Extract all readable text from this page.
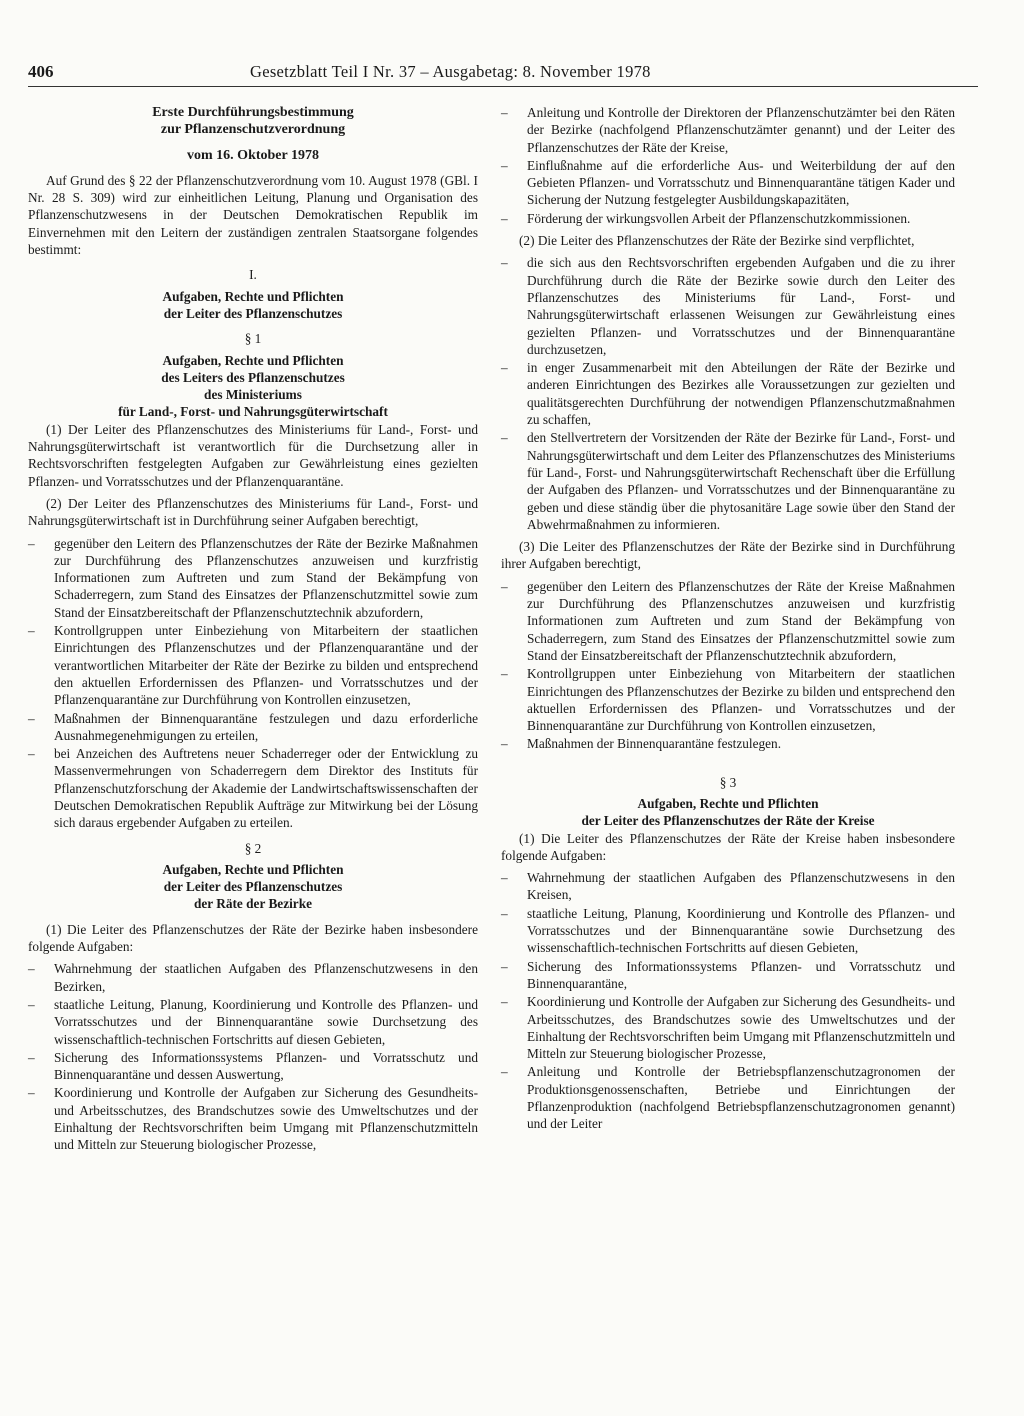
406	Gesetzblatt Teil I Nr. 37 – Ausgabetag: 8. November 1978
Erste Durchführungsbestimmung
zur Pflanzenschutzverordnung
vom 16. Oktober 1978

Auf Grund des § 22 der Pflanzenschutzverordnung vom 10. August 1978 (GBl. I Nr. 28 S. 309) wird zur einheitlichen Leitung, Planung und Organisation des Pflanzenschutzwesens in der Deutschen Demokratischen Republik im Einvernehmen mit den Leitern der zuständigen zentralen Staatsorgane folgendes bestimmt:

I.
Aufgaben, Rechte und Pflichten
der Leiter des Pflanzenschutzes
§ 1
Aufgaben, Rechte und Pflichten
des Leiters des Pflanzenschutzes
des Ministeriums
für Land-, Forst- und Nahrungsgüterwirtschaft

(1) Der Leiter des Pflanzenschutzes des Ministeriums für Land-, Forst- und Nahrungsgüterwirtschaft ist verantwortlich für die Durchsetzung aller in Rechtsvorschriften festgelegten Aufgaben zur Gewährleistung eines gezielten Pflanzen- und Vorratsschutzes und der Pflanzenquarantäne.

(2) Der Leiter des Pflanzenschutzes des Ministeriums für Land-, Forst- und Nahrungsgüterwirtschaft ist in Durchführung seiner Aufgaben berechtigt,

– gegenüber den Leitern des Pflanzenschutzes der Räte der Bezirke Maßnahmen zur Durchführung des Pflanzenschutzes anzuweisen und kurzfristig Informationen zum Auftreten und zum Stand der Bekämpfung von Schaderregern, zum Stand des Einsatzes der Pflanzenschutzmittel sowie zum Stand der Einsatzbereitschaft der Pflanzenschutztechnik abzufordern,
– Kontrollgruppen unter Einbeziehung von Mitarbeitern der staatlichen Einrichtungen des Pflanzenschutzes und der Pflanzenquarantäne und der verantwortlichen Mitarbeiter der Räte der Bezirke zu bilden und entsprechend den aktuellen Erfordernissen des Pflanzen- und Vorratsschutzes und der Pflanzenquarantäne zur Durchführung von Kontrollen einzusetzen,
– Maßnahmen der Binnenquarantäne festzulegen und dazu erforderliche Ausnahmegenehmigungen zu erteilen,
– bei Anzeichen des Auftretens neuer Schaderreger oder der Entwicklung zu Massenvermehrungen von Schaderregern dem Direktor des Instituts für Pflanzenschutzforschung der Akademie der Landwirtschaftswissenschaften der Deutschen Demokratischen Republik Aufträge zur Mitwirkung bei der Lösung sich daraus ergebender Aufgaben zu erteilen.
§ 2
Aufgaben, Rechte und Pflichten
der Leiter des Pflanzenschutzes
der Räte der Bezirke

(1) Die Leiter des Pflanzenschutzes der Räte der Bezirke haben insbesondere folgende Aufgaben:

– Wahrnehmung der staatlichen Aufgaben des Pflanzenschutzwesens in den Bezirken,
– staatliche Leitung, Planung, Koordinierung und Kontrolle des Pflanzen- und Vorratsschutzes und der Binnenquarantäne sowie Durchsetzung des wissenschaftlich-technischen Fortschritts auf diesen Gebieten,
– Sicherung des Informationssystems Pflanzen- und Vorratsschutz und Binnenquarantäne und dessen Auswertung,
– Koordinierung und Kontrolle der Aufgaben zur Sicherung des Gesundheits- und Arbeitsschutzes, des Brandschutzes sowie des Umweltschutzes und der Einhaltung der Rechtsvorschriften beim Umgang mit Pflanzenschutzmitteln und Mitteln zur Steuerung biologischer Prozesse,
– Anleitung und Kontrolle der Direktoren der Pflanzenschutzämter bei den Räten der Bezirke (nachfolgend Pflanzenschutzämter genannt) und der Leiter des Pflanzenschutzes der Räte der Kreise,
– Einflußnahme auf die erforderliche Aus- und Weiterbildung der auf den Gebieten Pflanzen- und Vorratsschutz und Binnenquarantäne tätigen Kader und Sicherung der Nutzung festgelegter Ausbildungskapazitäten,
– Förderung der wirkungsvollen Arbeit der Pflanzenschutzkommissionen.

(2) Die Leiter des Pflanzenschutzes der Räte der Bezirke sind verpflichtet,

– die sich aus den Rechtsvorschriften ergebenden Aufgaben und die zu ihrer Durchführung durch die Räte der Bezirke sowie durch den Leiter des Pflanzenschutzes des Ministeriums für Land-, Forst- und Nahrungsgüterwirtschaft erlassenen Weisungen zur Gewährleistung eines gezielten Pflanzen- und Vorratsschutzes und der Binnenquarantäne durchzusetzen,
– in enger Zusammenarbeit mit den Abteilungen der Räte der Bezirke und anderen Einrichtungen des Bezirkes alle Voraussetzungen zur gezielten und qualitätsgerechten Durchführung der notwendigen Pflanzenschutzmaßnahmen zu schaffen,
– den Stellvertretern der Vorsitzenden der Räte der Bezirke für Land-, Forst- und Nahrungsgüterwirtschaft und dem Leiter des Pflanzenschutzes des Ministeriums für Land-, Forst- und Nahrungsgüterwirtschaft Rechenschaft über die Erfüllung der Aufgaben des Pflanzen- und Vorratsschutzes und der Binnenquarantäne zu geben und diese ständig über die phytosanitäre Lage sowie über den Stand der Abwehrmaßnahmen zu informieren.

(3) Die Leiter des Pflanzenschutzes der Räte der Bezirke sind in Durchführung ihrer Aufgaben berechtigt,

– gegenüber den Leitern des Pflanzenschutzes der Räte der Kreise Maßnahmen zur Durchführung des Pflanzenschutzes anzuweisen und kurzfristig Informationen zum Auftreten und zum Stand der Bekämpfung von Schaderregern, zum Stand des Einsatzes der Pflanzenschutzmittel sowie zum Stand der Einsatzbereitschaft der Pflanzenschutztechnik abzufordern,
– Kontrollgruppen unter Einbeziehung von Mitarbeitern der staatlichen Einrichtungen des Pflanzenschutzes der Bezirke zu bilden und entsprechend den aktuellen Erfordernissen des Pflanzen- und Vorratsschutzes und der Binnenquarantäne zur Durchführung von Kontrollen einzusetzen,
– Maßnahmen der Binnenquarantäne festzulegen.
§ 3
Aufgaben, Rechte und Pflichten
der Leiter des Pflanzenschutzes der Räte der Kreise

(1) Die Leiter des Pflanzenschutzes der Räte der Kreise haben insbesondere folgende Aufgaben:

– Wahrnehmung der staatlichen Aufgaben des Pflanzenschutzwesens in den Kreisen,
– staatliche Leitung, Planung, Koordinierung und Kontrolle des Pflanzen- und Vorratsschutzes und der Binnenquarantäne sowie Durchsetzung des wissenschaftlich-technischen Fortschritts auf diesen Gebieten,
– Sicherung des Informationssystems Pflanzen- und Vorratsschutz und Binnenquarantäne,
– Koordinierung und Kontrolle der Aufgaben zur Sicherung des Gesundheits- und Arbeitsschutzes, des Brandschutzes sowie des Umweltschutzes und der Einhaltung der Rechtsvorschriften beim Umgang mit Pflanzenschutzmitteln und Mitteln zur Steuerung biologischer Prozesse,
– Anleitung und Kontrolle der Betriebspflanzenschutzagronomen der Produktionsgenossenschaften, Betriebe und Einrichtungen der Pflanzenproduktion (nachfolgend Betriebspflanzenschutzagronomen genannt) und der Leiter
